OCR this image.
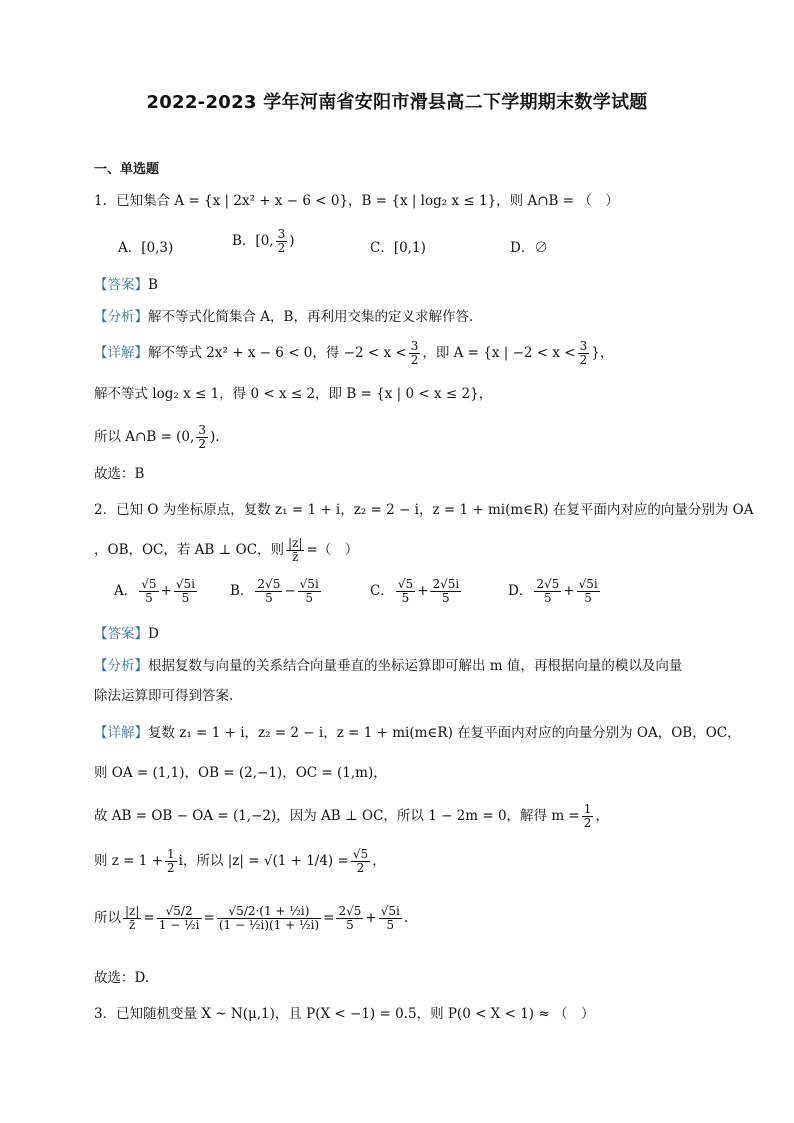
2022-2023 学年河南省安阳市滑县高二下学期期末数学试题
一、单选题
1．已知集合 A = {x | 2x² + x − 6 < 0}，B = {x | log₂ x ≤ 1}，则 A∩B = （　）
A．[0,3)	B．[0, $\frac{3}{2}$ )	C．[0,1)	D．∅
【答案】B
【分析】解不等式化简集合 A，B，再利用交集的定义求解作答.
【详解】解不等式 2x² + x − 6 < 0，得 $-2 < x < \frac{3}{2}$ ，即 A = {x | $-2 < x < \frac{3}{2}$ }，
解不等式 log₂ x ≤ 1，得 0 < x ≤ 2，即 B = {x | 0 < x ≤ 2}，
所以 A∩B = (0, $\frac{3}{2}$ ).
故选：B
2．已知 O 为坐标原点，复数 z₁ = 1 + i，z₂ = 2 − i，z = 1 + mi(m∈R) 在复平面内对应的向量分别为 OA
，OB，OC，若 AB ⊥ OC，则 $\frac{|z|}{z̄}$ =（　）
A． $\frac{√5}{5} + \frac{√5i}{5}$ B． $\frac{2√5}{5} - \frac{√5i}{5}$	C． $\frac{√5}{5} + \frac{2√5i}{5}$	D． $\frac{2√5}{5} + \frac{√5i}{5}$
【答案】D
【分析】根据复数与向量的关系结合向量垂直的坐标运算即可解出 m 值，再根据向量的模以及向量
除法运算即可得到答案.
【详解】复数 z₁ = 1 + i，z₂ = 2 − i，z = 1 + mi(m∈R) 在复平面内对应的向量分别为 OA，OB，OC，
则 OA = (1,1)，OB = (2,−1)，OC = (1,m)，
故 AB = OB − OA = (1,−2)，因为 AB ⊥ OC，所以 1 − 2m = 0，解得 $m = \frac{1}{2}$ ，
则 $z = 1 + \frac{1}{2}$ i，所以 $|z| = √(1 + 1/4) = \frac{√5}{2}$ ，
所以 $\frac{|z|}{z̄} = \frac{√5/2}{\text{1 − ½i}} = \frac{\text{√5/2·(1 + ½i)}}{\text{(1 − ½i)(1 + ½i)}} = \frac{2√5}{5} + \frac{√5i}{5}$ .
故选：D.
3．已知随机变量 X ~ N(μ,1)，且 P(X < −1) = 0.5，则 P(0 < X < 1) ≈ （　）
